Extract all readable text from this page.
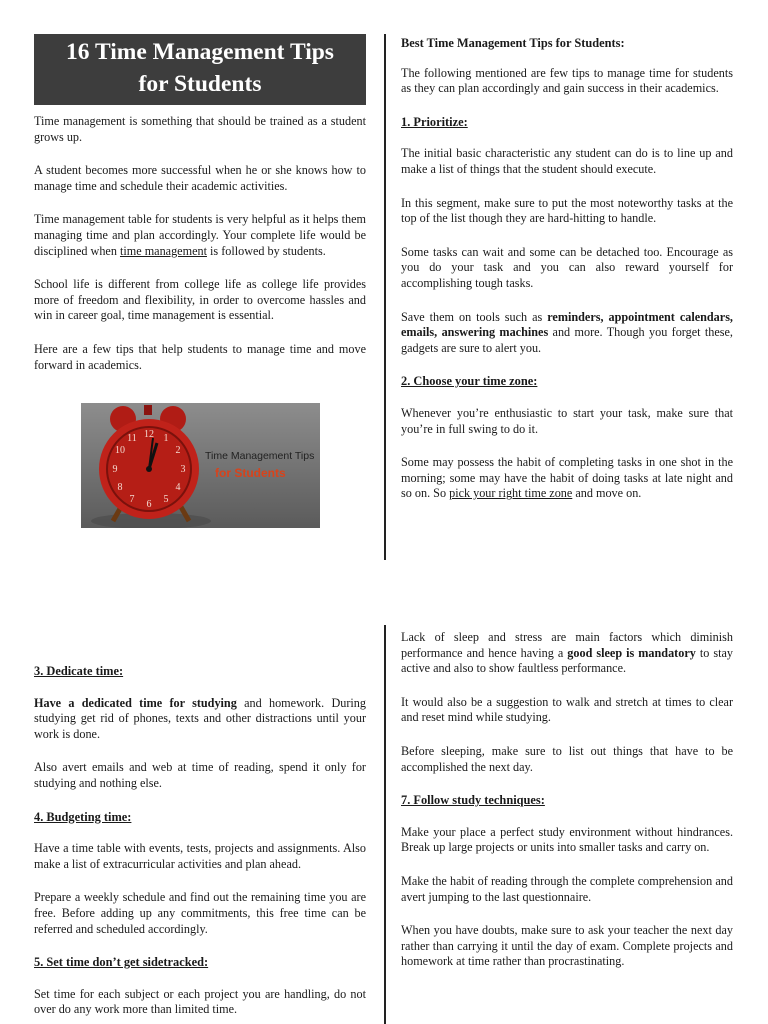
16 Time Management Tips
for Students

Time management is something that should be trained as a student grows up.

A student becomes more successful when he or she knows how to manage time and schedule their academic activities.

Time management table for students is very helpful as it helps them managing time and plan accordingly. Your complete life would be disciplined when time management is followed by students.

School life is different from college life as college life provides more of freedom and flexibility, in order to overcome hassles and win in career goal, time management is essential.

Here are a few tips that help students to manage time and move forward in academics.

12 1
2
3
4
5
6
7
8
9
10
11
Time Management Tips
for Students
Best Time Management Tips for Students:

The following mentioned are few tips to manage time for students as they can plan accordingly and gain success in their academics.

1. Prioritize:

The initial basic characteristic any student can do is to line up and make a list of things that the student should execute.

In this segment, make sure to put the most noteworthy tasks at the top of the list though they are hard-hitting to handle.

Some tasks can wait and some can be detached too. Encourage as you do your task and you can also reward yourself for accomplishing tough tasks.

Save them on tools such as reminders, appointment calendars, emails, answering machines and more. Though you forget these, gadgets are sure to alert you.

2. Choose your time zone:

Whenever you’re enthusiastic to start your task, make sure that you’re in full swing to do it.

Some may possess the habit of completing tasks in one shot in the morning; some may have the habit of doing tasks at late night and so on. So pick your right time zone and move on.

3. Dedicate time:

Have a dedicated time for studying and homework. During studying get rid of phones, texts and other distractions until your work is done.

Also avert emails and web at time of reading, spend it only for studying and nothing else.

4. Budgeting time:

Have a time table with events, tests, projects and assignments. Also make a list of extracurricular activities and plan ahead.

Prepare a weekly schedule and find out the remaining time you are free. Before adding up any commitments, this free time can be referred and scheduled accordingly.

5. Set time don’t get sidetracked:

Set time for each subject or each project you are handling, do not over do any work more than limited time.

Lack of sleep and stress are main factors which diminish performance and hence having a good sleep is mandatory to stay active and also to show faultless performance.

It would also be a suggestion to walk and stretch at times to clear and reset mind while studying.

Before sleeping, make sure to list out things that have to be accomplished the next day.

7. Follow study techniques:

Make your place a perfect study environment without hindrances. Break up large projects or units into smaller tasks and carry on.

Make the habit of reading through the complete comprehension and avert jumping to the last questionnaire.

When you have doubts, make sure to ask your teacher the next day rather than carrying it until the day of exam. Complete projects and homework at time rather than procrastinating.
